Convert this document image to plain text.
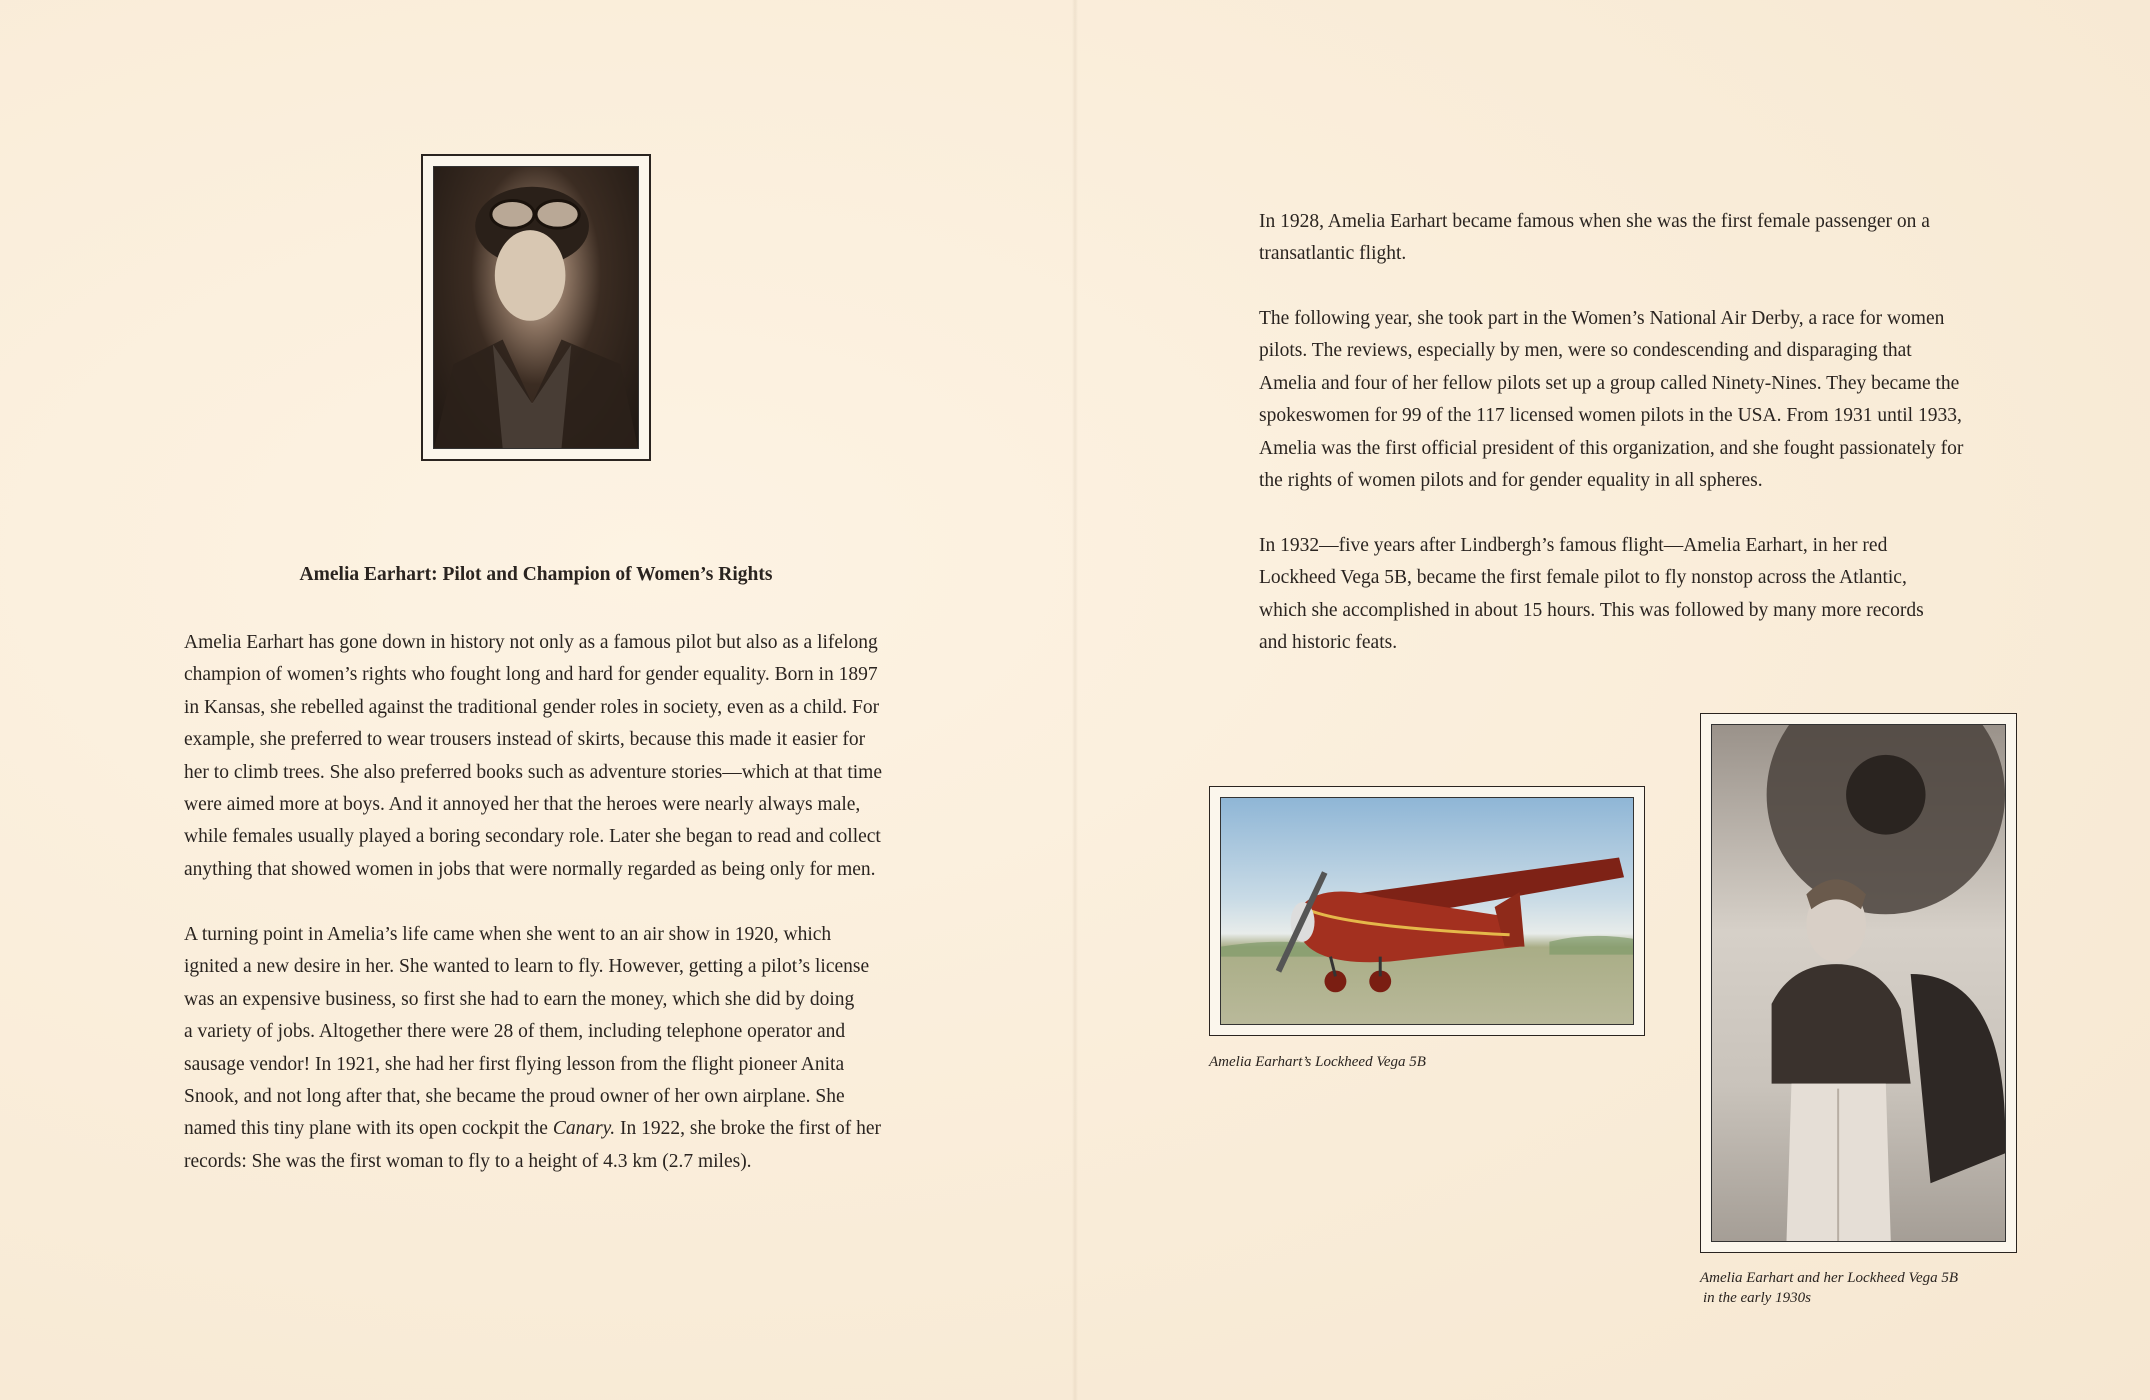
Amelia Earhart: Pilot and Champion of Women’s Rights
Amelia Earhart has gone down in history not only as a famous pilot but also as a lifelong
champion of women’s rights who fought long and hard for gender equality. Born in 1897
in Kansas, she rebelled against the traditional gender roles in society, even as a child. For
example, she preferred to wear trousers instead of skirts, because this made it easier for
her to climb trees. She also preferred books such as adventure stories—which at that time
were aimed more at boys. And it annoyed her that the heroes were nearly always male,
while females usually played a boring secondary role. Later she began to read and collect
anything that showed women in jobs that were normally regarded as being only for men.
A turning point in Amelia’s life came when she went to an air show in 1920, which
ignited a new desire in her. She wanted to learn to fly. However, getting a pilot’s license
was an expensive business, so first she had to earn the money, which she did by doing
a variety of jobs. Altogether there were 28 of them, including telephone operator and
sausage vendor! In 1921, she had her first flying lesson from the flight pioneer Anita
Snook, and not long after that, she became the proud owner of her own airplane. She
named this tiny plane with its open cockpit the Canary. In 1922, she broke the first of her
records: She was the first woman to fly to a height of 4.3 km (2.7 miles).
In 1928, Amelia Earhart became famous when she was the first female passenger on a
transatlantic flight.
The following year, she took part in the Women’s National Air Derby, a race for women
pilots. The reviews, especially by men, were so condescending and disparaging that
Amelia and four of her fellow pilots set up a group called Ninety-Nines. They became the
spokeswomen for 99 of the 117 licensed women pilots in the USA. From 1931 until 1933,
Amelia was the first official president of this organization, and she fought passionately for
the rights of women pilots and for gender equality in all spheres.
In 1932—five years after Lindbergh’s famous flight—Amelia Earhart, in her red
Lockheed Vega 5B, became the first female pilot to fly nonstop across the Atlantic,
which she accomplished in about 15 hours. This was followed by many more records
and historic feats.
Amelia Earhart’s Lockheed Vega 5B
Amelia Earhart and her Lockheed Vega 5B
in the early 1930s
